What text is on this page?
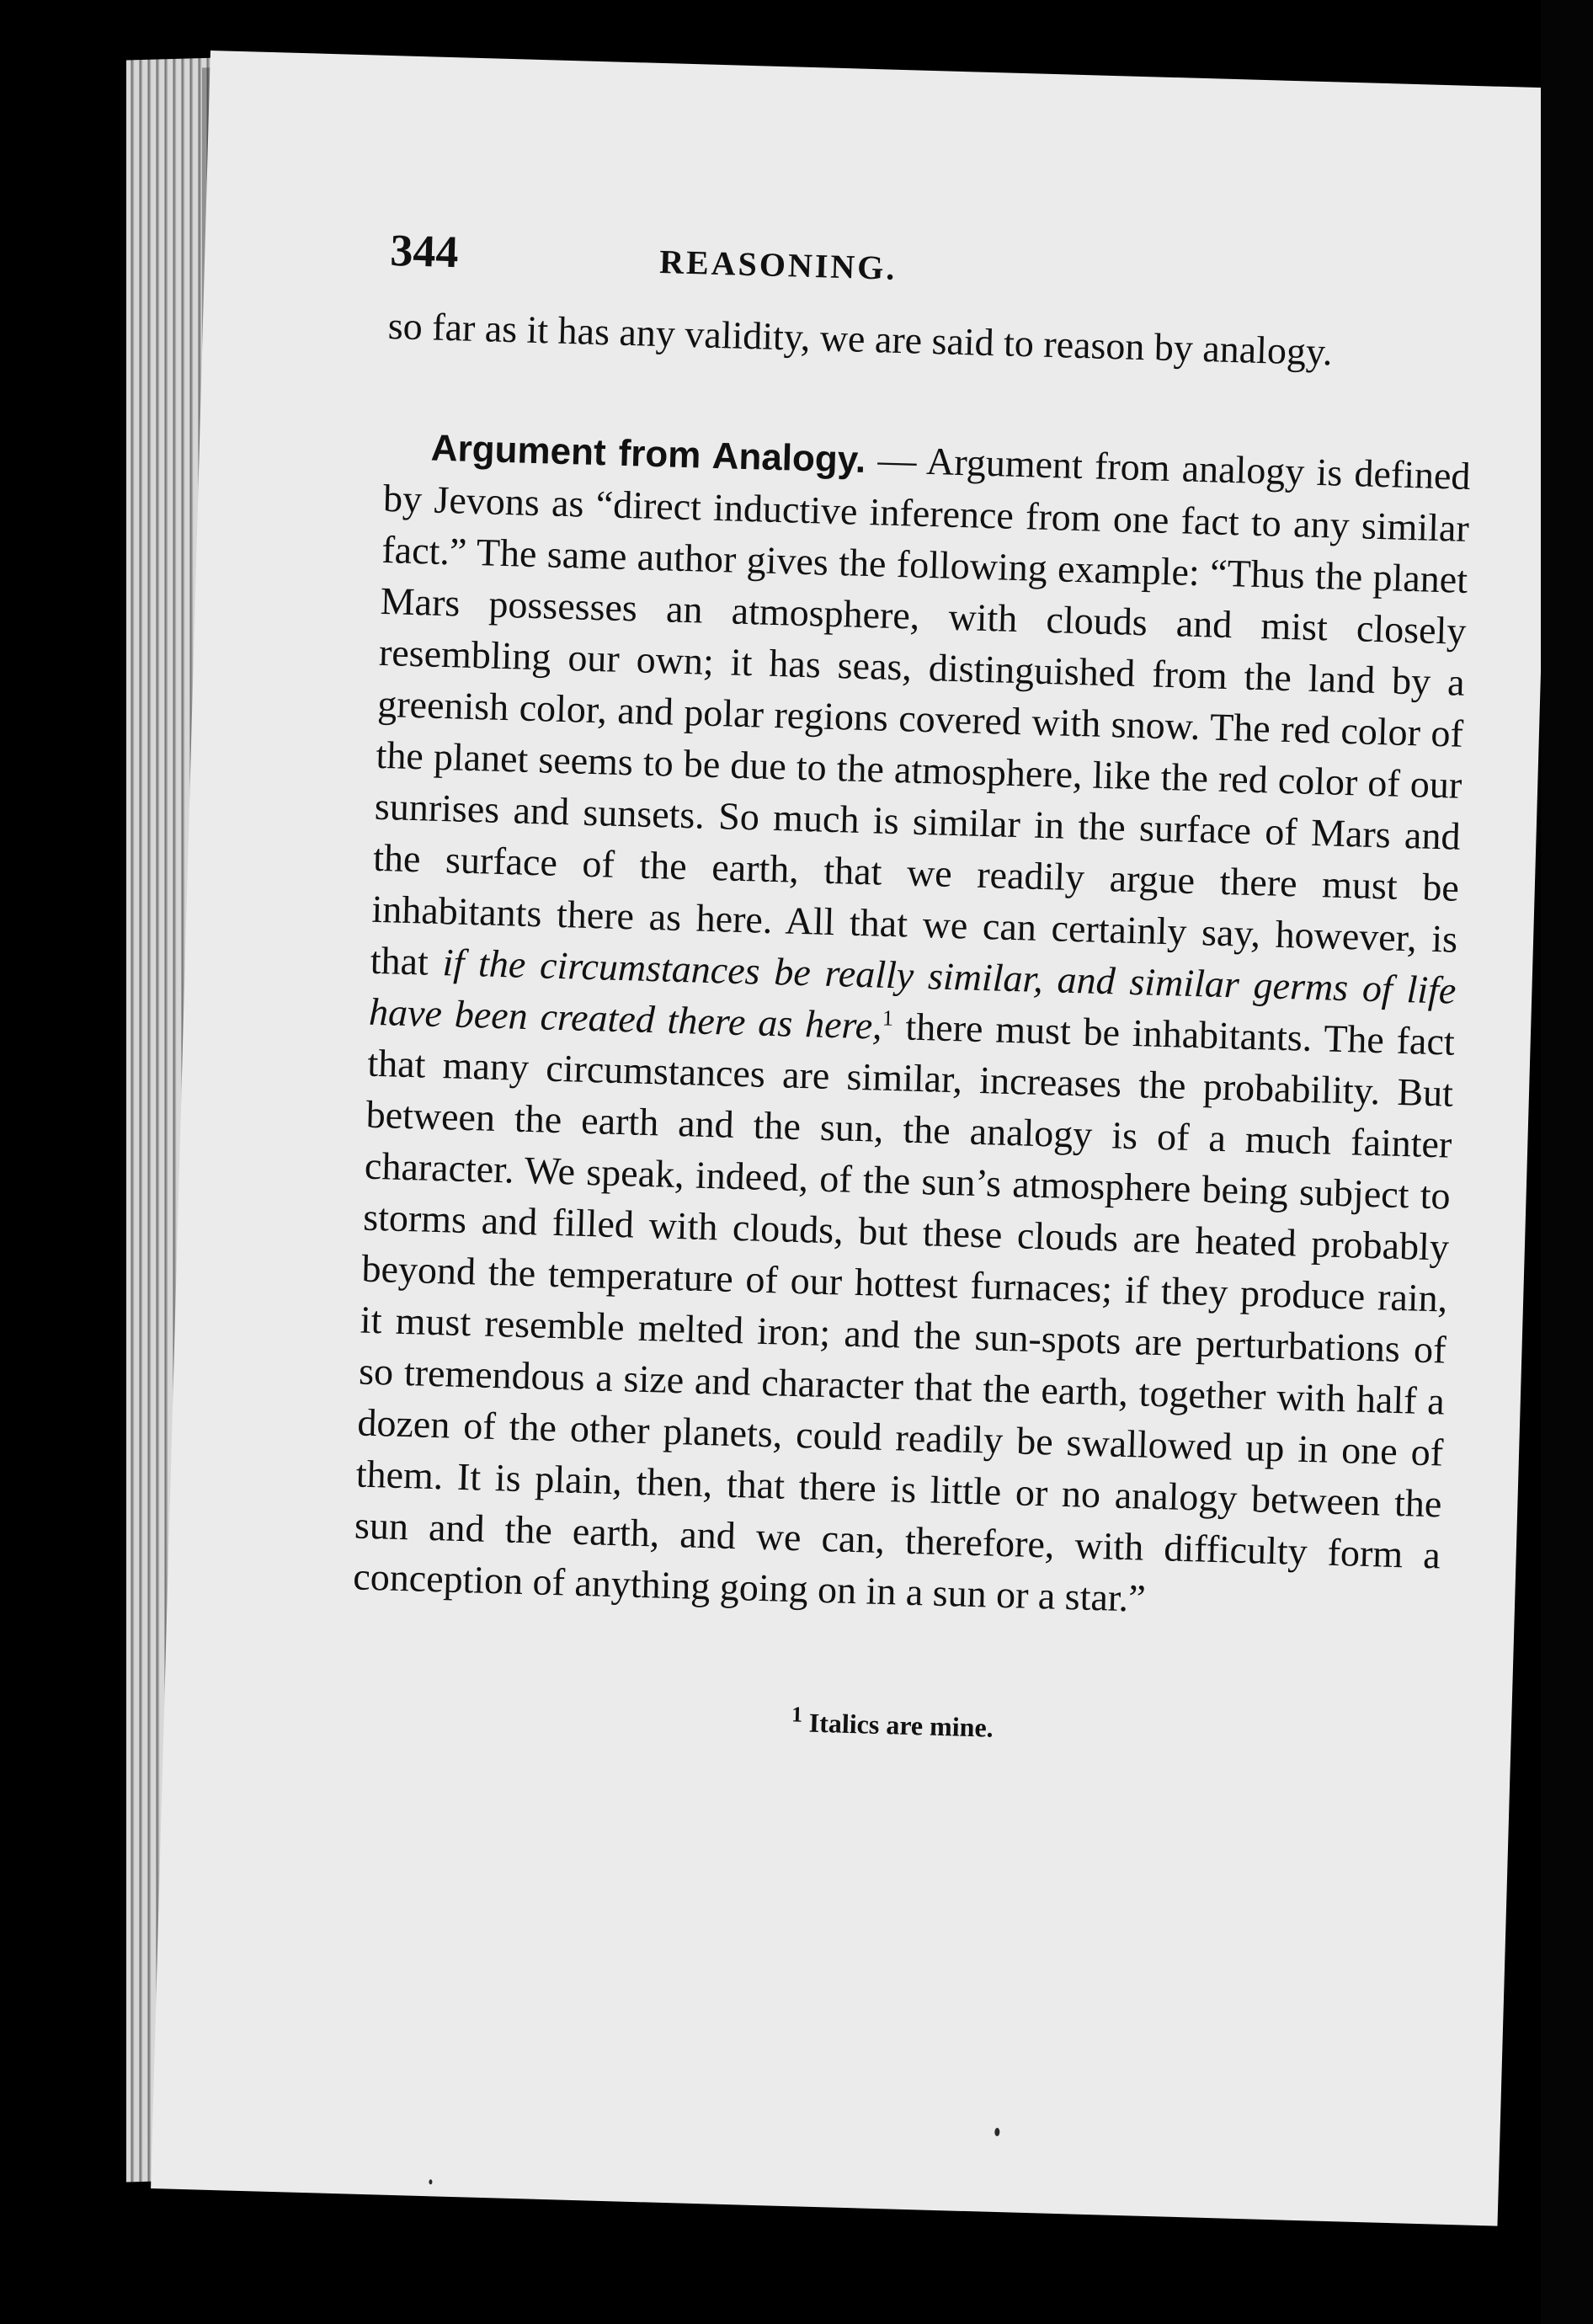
344	REASONING.

so far as it has any validity, we are said to reason by analogy.

Argument from Analogy. — Argument from analogy is defined by Jevons as “direct inductive inference from one fact to any similar fact.” The same author gives the following example: “Thus the planet Mars possesses an atmosphere, with clouds and mist closely resembling our own; it has seas, distinguished from the land by a greenish color, and polar regions covered with snow. The red color of the planet seems to be due to the atmosphere, like the red color of our sunrises and sunsets. So much is similar in the surface of Mars and the surface of the earth, that we readily argue there must be inhabitants there as here. All that we can certainly say, however, is that if the circumstances be really similar, and similar germs of life have been created there as here,$^1$ there must be inhabitants. The fact that many circumstances are similar, increases the probability. But between the earth and the sun, the analogy is of a much fainter character. We speak, indeed, of the sun’s atmosphere being subject to storms and filled with clouds, but these clouds are heated probably beyond the temperature of our hottest furnaces; if they produce rain, it must resemble melted iron; and the sun-spots are perturbations of so tremendous a size and character that the earth, together with half a dozen of the other planets, could readily be swallowed up in one of them. It is plain, then, that there is little or no analogy between the sun and the earth, and we can, therefore, with difficulty form a conception of anything going on in a sun or a star.”

$^1$ Italics are mine.
